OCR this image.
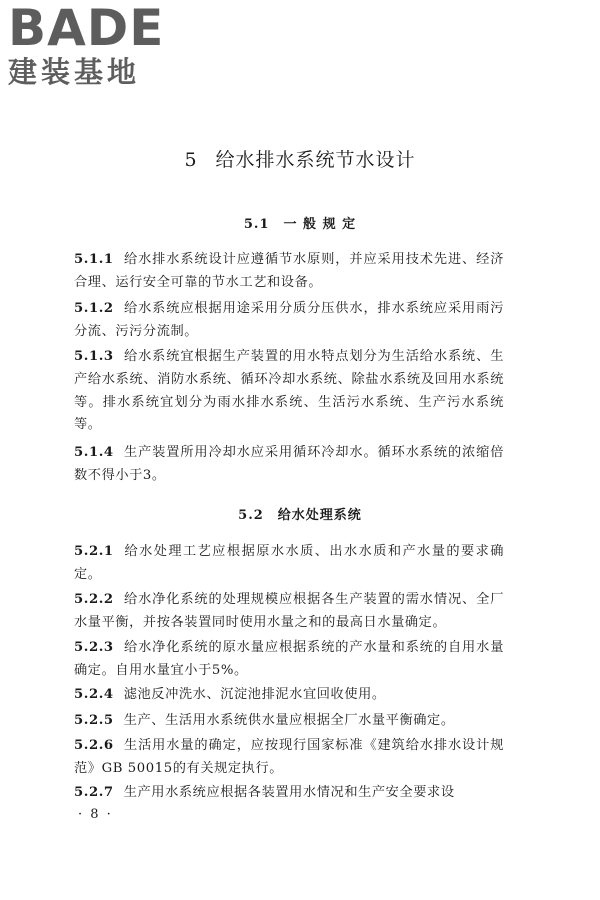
BADE
建装基地
5 给水排水系统节水设计
5.1 一 般 规 定

5.1.1 给水排水系统设计应遵循节水原则，并应采用技术先进、经济合理、运行安全可靠的节水工艺和设备。

5.1.2 给水系统应根据用途采用分质分压供水，排水系统应采用雨污分流、污污分流制。

5.1.3 给水系统宜根据生产装置的用水特点划分为生活给水系统、生产给水系统、消防水系统、循环冷却水系统、除盐水系统及回用水系统等。排水系统宜划分为雨水排水系统、生活污水系统、生产污水系统等。

5.1.4 生产装置所用冷却水应采用循环冷却水。循环水系统的浓缩倍数不得小于3。

5.2 给水处理系统

5.2.1 给水处理工艺应根据原水水质、出水水质和产水量的要求确定。

5.2.2 给水净化系统的处理规模应根据各生产装置的需水情况、全厂水量平衡，并按各装置同时使用水量之和的最高日水量确定。

5.2.3 给水净化系统的原水量应根据系统的产水量和系统的自用水量确定。自用水量宜小于5%。

5.2.4 滤池反冲洗水、沉淀池排泥水宜回收使用。

5.2.5 生产、生活用水系统供水量应根据全厂水量平衡确定。

5.2.6 生活用水量的确定，应按现行国家标准《建筑给水排水设计规范》GB 50015的有关规定执行。

5.2.7 生产用水系统应根据各装置用水情况和生产安全要求设

· 8 ·
